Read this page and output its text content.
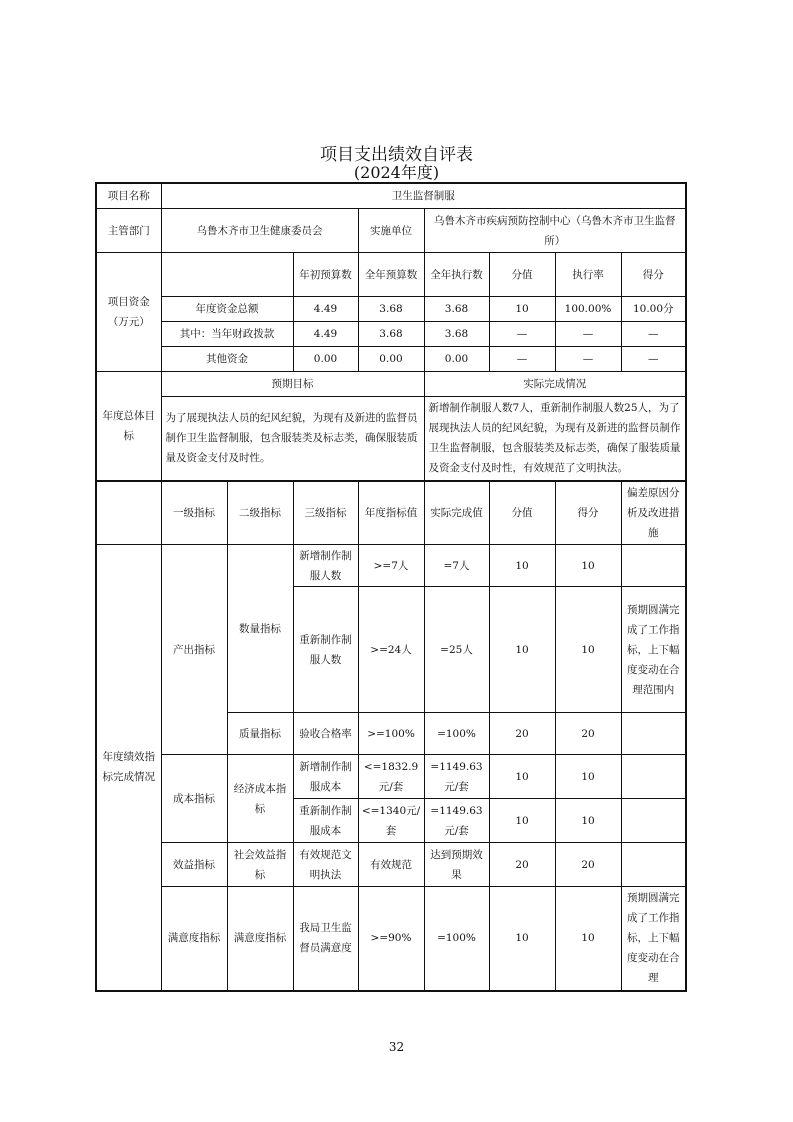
项目支出绩效自评表
(2024年度)
项目名称	卫生监督制服							
主管部门	乌鲁木齐市卫生健康委员会			实施单位	乌鲁木齐市疾病预防控制中心（乌鲁木齐市卫生监督所）			
项目资金（万元）			年初预算数	全年预算数	全年执行数	分值	执行率	得分
	年度资金总额		4.49	3.68	3.68	10	100.00%	10.00分
	其中：当年财政拨款		4.49	3.68	3.68	—	—	—
	其他资金		0.00	0.00	0.00	—	—	—
年度总体目标	预期目标				实际完成情况			
	为了展现执法人员的纪风纪貌，为现有及新进的监督员制作卫生监督制服，包含服装类及标志类，确保服装质量及资金支付及时性。				新增制作制服人数7人，重新制作制服人数25人，为了展现执法人员的纪风纪貌，为现有及新进的监督员制作卫生监督制服，包含服装类及标志类，确保了服装质量及资金支付及时性，有效规范了文明执法。			
	一级指标	二级指标	三级指标	年度指标值	实际完成值	分值	得分	偏差原因分析及改进措施
年度绩效指标完成情况	产出指标	数量指标	新增制作制服人数	>=7人	=7人	10	10	
			重新制作制服人数	>=24人	=25人	10	10	预期圆满完成了工作指标，上下幅度变动在合理范围内
		质量指标	验收合格率	>=100%	=100%	20	20	
	成本指标	经济成本指标	新增制作制服成本	<=1832.9元/套	=1149.63元/套	10	10	
			重新制作制服成本	<=1340元/套	=1149.63元/套	10	10	
	效益指标	社会效益指标	有效规范文明执法	有效规范	达到预期效果	20	20	
	满意度指标	满意度指标	我局卫生监督员满意度	>=90%	=100%	10	10	预期圆满完成了工作指标，上下幅度变动在合理
32
